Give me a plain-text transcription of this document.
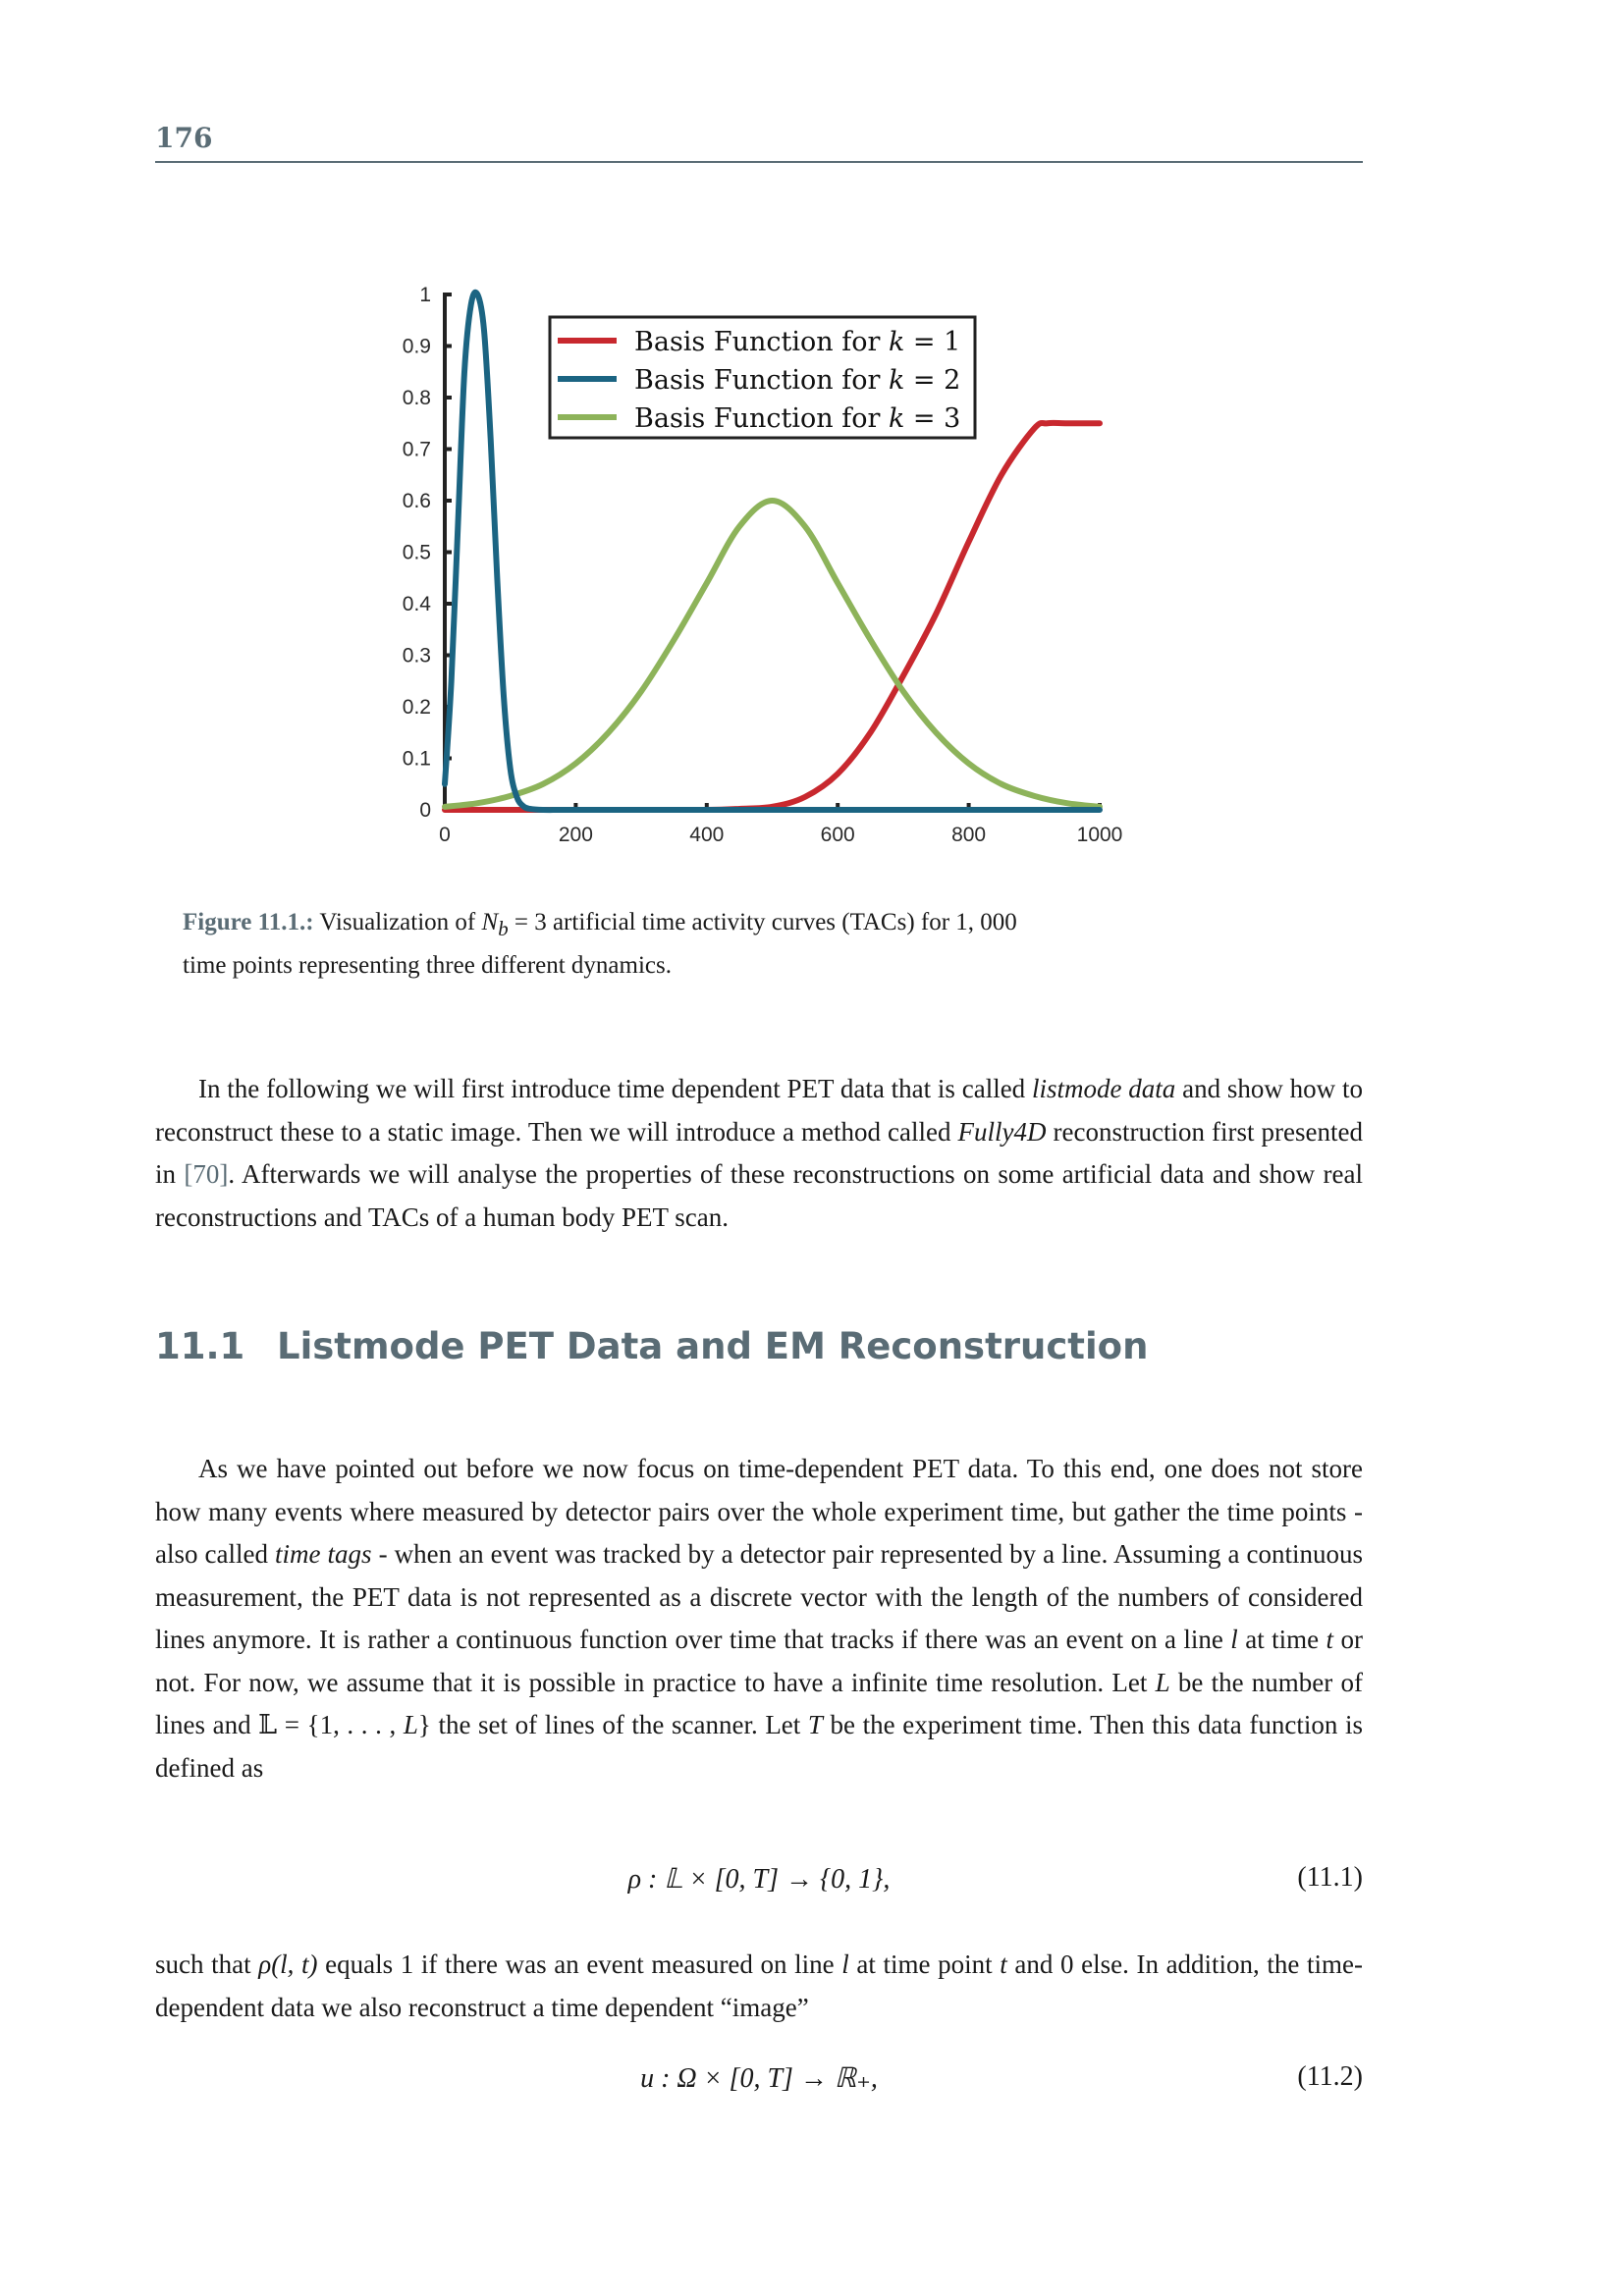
176
0
0.1
0.2
0.3
0.4
0.5
0.6
0.7
0.8
0.9
1
0	200	400	600	800	1000
Basis Function for k = 1
Basis Function for k = 2
Basis Function for k = 3
Figure 11.1.: Visualization of $N_b = 3$ artificial time activity curves (TACs) for 1, 000
time points representing three different dynamics.
In the following we will first introduce time dependent PET data that is called listmode data and show how to reconstruct these to a static image. Then we will introduce a method called Fully4D reconstruction first presented in [70]. Afterwards we will analyse the properties of these reconstructions on some artificial data and show real reconstructions and TACs of a human body PET scan.
11.1 Listmode PET Data and EM Reconstruction
As we have pointed out before we now focus on time-dependent PET data. To this end, one does not store how many events where measured by detector pairs over the whole experiment time, but gather the time points - also called time tags - when an event was tracked by a detector pair represented by a line. Assuming a continuous measurement, the PET data is not represented as a discrete vector with the length of the numbers of considered lines anymore. It is rather a continuous function over time that tracks if there was an event on a line l at time t or not. For now, we assume that it is possible in practice to have a infinite time resolution. Let L be the number of lines and 𝕃 = {1, . . . , L} the set of lines of the scanner. Let T be the experiment time. Then this data function is defined as
ρ : 𝕃 × [0, T] → {0, 1},	(11.1)
such that ρ(l, t) equals 1 if there was an event measured on line l at time point t and 0 else. In addition, the time-dependent data we also reconstruct a time dependent “image”
u : Ω × [0, T] → ℝ₊,	(11.2)
